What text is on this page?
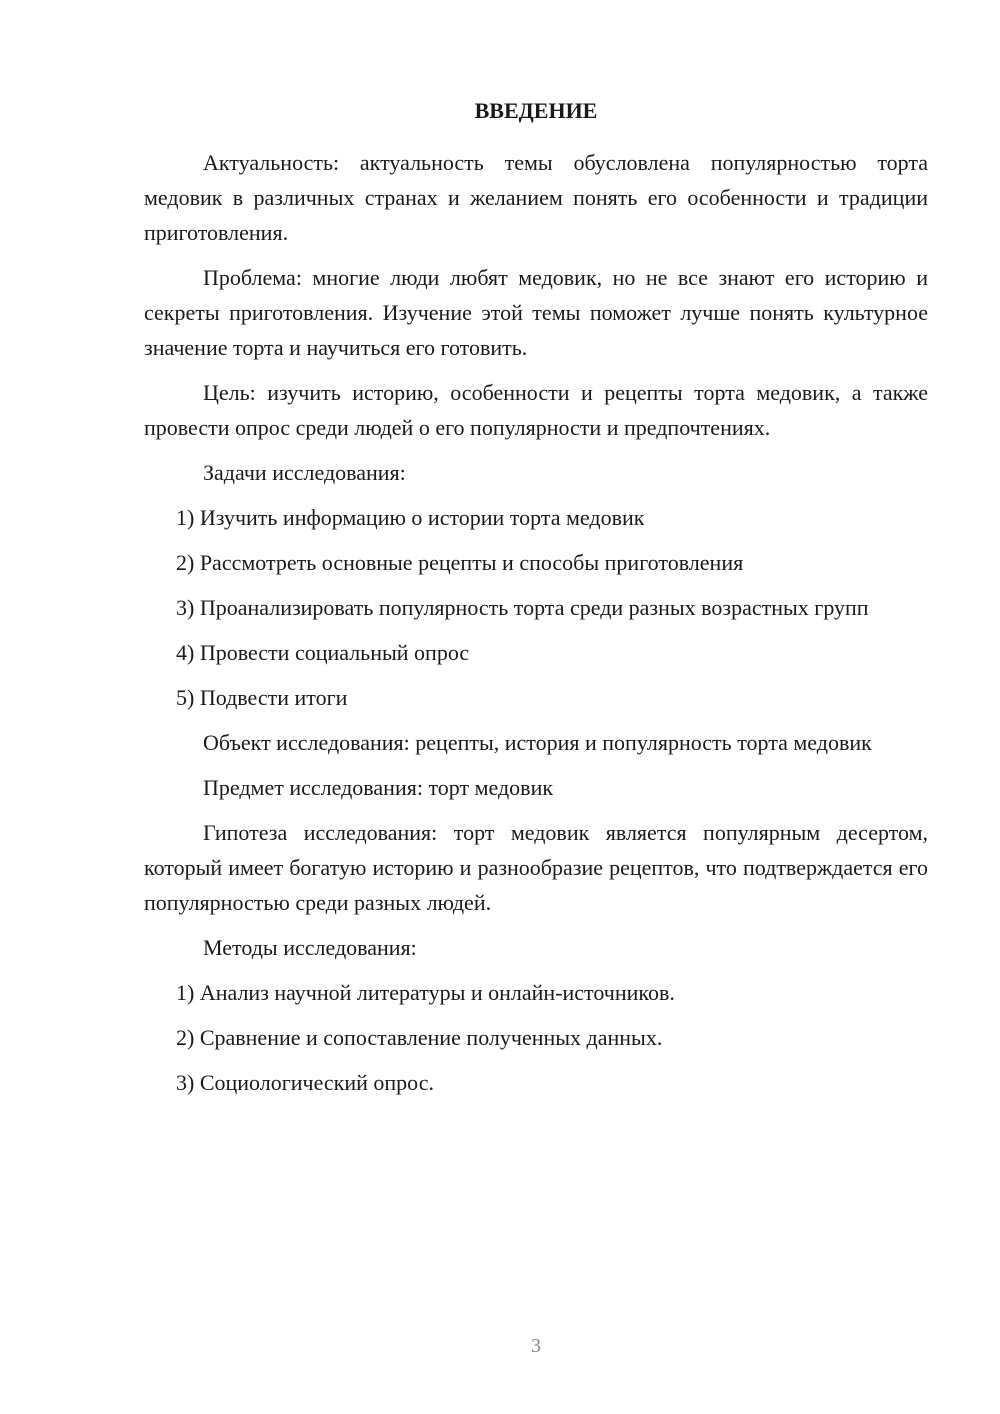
ВВЕДЕНИЕ

Актуальность: актуальность темы обусловлена популярностью торта медовик в различных странах и желанием понять его особенности и традиции приготовления.

Проблема: многие люди любят медовик, но не все знают его историю и секреты приготовления. Изучение этой темы поможет лучше понять культурное значение торта и научиться его готовить.

Цель: изучить историю, особенности и рецепты торта медовик, а также провести опрос среди людей о его популярности и предпочтениях.

Задачи исследования:

1) Изучить информацию о истории торта медовик

2) Рассмотреть основные рецепты и способы приготовления

3) Проанализировать популярность торта среди разных возрастных групп

4) Провести социальный опрос

5) Подвести итоги

Объект исследования: рецепты, история и популярность торта медовик

Предмет исследования: торт медовик

Гипотеза исследования: торт медовик является популярным десертом, который имеет богатую историю и разнообразие рецептов, что подтверждается его популярностью среди разных людей.

Методы исследования:

1) Анализ научной литературы и онлайн-источников.

2) Сравнение и сопоставление полученных данных.

3) Социологический опрос.

3
